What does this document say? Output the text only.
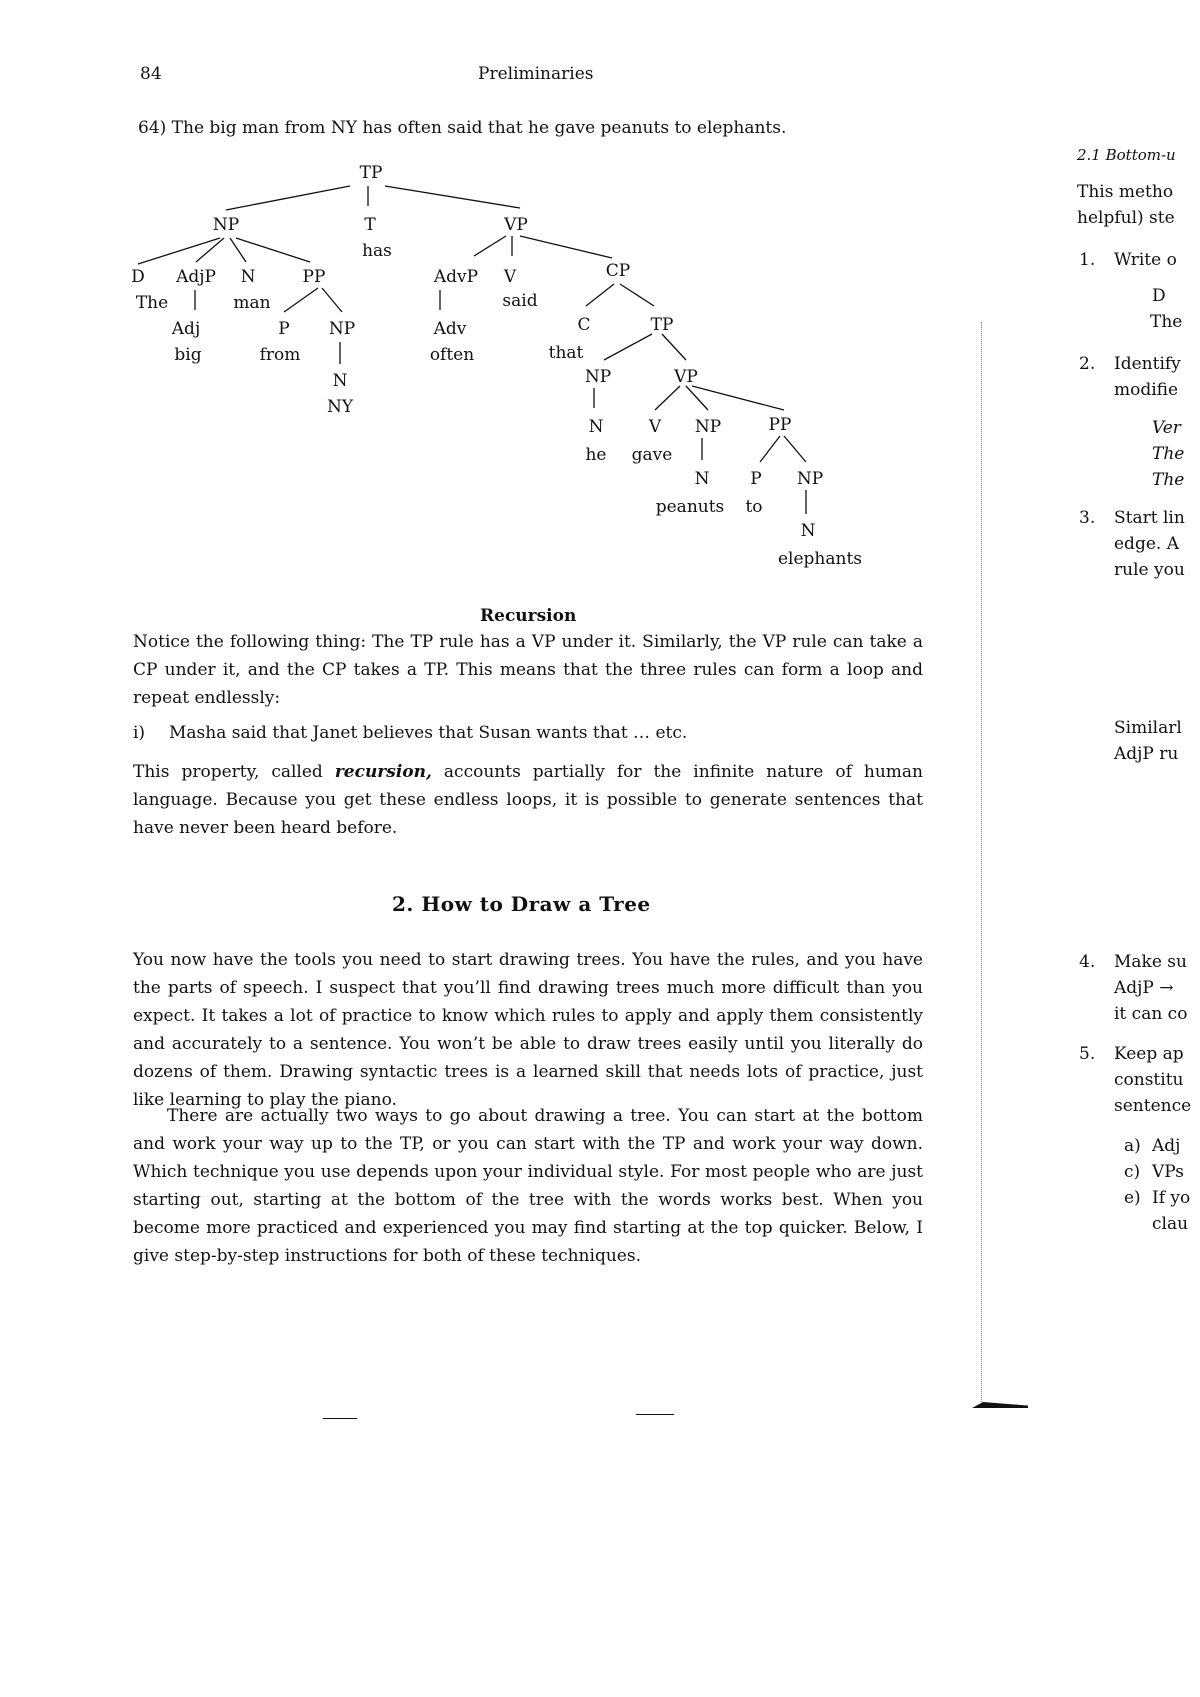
84	Preliminaries
64) The big man from NY has often said that he gave peanuts to elephants.
TP
NP	T
has
VP
D AdjP N	PP
The	man
Adj
big
P
from
NP
N
NY
AdvP V	CP
Adv
often
said
C
that
TP
NP	VP
N
he
V
gave
NP	PP
N
peanuts
P
to
NP
N
elephants
Recursion

Notice the following thing: The TP rule has a VP under it. Similarly, the VP rule can take a CP under it, and the CP takes a TP. This means that the three rules can form a loop and repeat endlessly:

i) Masha said that Janet believes that Susan wants that … etc.

This property, called recursion, accounts partially for the infinite nature of human language. Because you get these endless loops, it is possible to generate sentences that have never been heard before.

2. How to Draw a Tree

You now have the tools you need to start drawing trees. You have the rules, and you have the parts of speech. I suspect that you’ll find drawing trees much more difficult than you expect. It takes a lot of practice to know which rules to apply and apply them consistently and accurately to a sentence. You won’t be able to draw trees easily until you literally do dozens of them. Drawing syntactic trees is a learned skill that needs lots of practice, just like learning to play the piano.

There are actually two ways to go about drawing a tree. You can start at the bottom and work your way up to the TP, or you can start with the TP and work your way down. Which technique you use depends upon your individual style. For most people who are just starting out, starting at the bottom of the tree with the words works best. When you become more practiced and experienced you may find starting at the top quicker. Below, I give step-by-step instructions for both of these techniques.

2.1 Bottom-u
This metho
helpful) ste
1. Write o
D
The
2. Identify
modifie
Ver
The
The
3. Start lin
edge. A
rule you
Similarl
AdjP ru
4. Make su
AdjP →
it can co
5. Keep ap
constitu
sentence
a) Adj
c) VPs
e) If yo
clau
